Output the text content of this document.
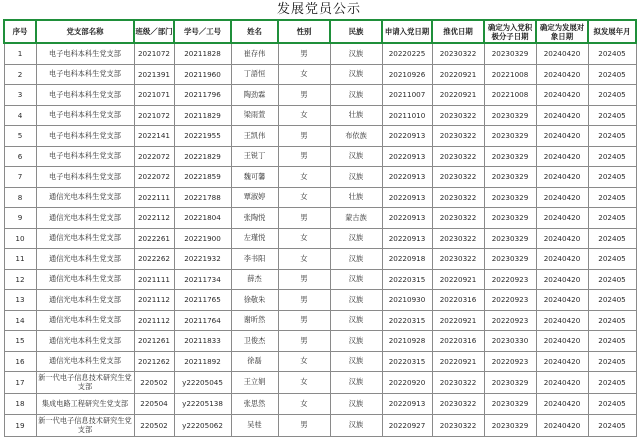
发展党员公示
序号	党支部名称	班级／部门	学号／工号	姓名	性别	民族	申请入党日期	推优日期	确定为入党积极分子日期	确定为发展对象日期	拟发展年月
1	电子电科本科生党支部	2021072	20211828	崔存伟	男	汉族	20220225	20230322	20230329	20240420	202405
2	电子电科本科生党支部	2021391	20211960	丁語恒	女	汉族	20210926	20220921	20221008	20240420	202405
3	电子电科本科生党支部	2021071	20211796	陶劲霖	男	汉族	20211007	20220921	20221008	20240420	202405
4	电子电科本科生党支部	2021072	20211829	梁雨萱	女	壮族	20211010	20230322	20230329	20240420	202405
5	电子电科本科生党支部	2022141	20221955	王凯伟	男	布依族	20220913	20230322	20230329	20240420	202405
6	电子电科本科生党支部	2022072	20221829	王锐丁	男	汉族	20220913	20230322	20230329	20240420	202405
7	电子电科本科生党支部	2022072	20221859	魏可馨	女	汉族	20220913	20230322	20230329	20240420	202405
8	通信光电本科生党支部	2022111	20221788	覃淑婷	女	壮族	20220913	20230322	20230329	20240420	202405
9	通信光电本科生党支部	2022112	20221804	张陶悦	男	蒙古族	20220913	20230322	20230329	20240420	202405
10	通信光电本科生党支部	2022261	20221900	左瑾悦	女	汉族	20220913	20230322	20230329	20240420	202405
11	通信光电本科生党支部	2022262	20221932	李书阳	女	汉族	20220918	20230322	20230329	20240420	202405
12	通信光电本科生党支部	2021111	20211734	薛杰	男	汉族	20220315	20220921	20220923	20240420	202405
13	通信光电本科生党支部	2021112	20211765	徐敬朱	男	汉族	20210930	20220316	20220923	20240420	202405
14	通信光电本科生党支部	2021112	20211764	谢昕然	男	汉族	20220315	20220921	20220923	20240420	202405
15	通信光电本科生党支部	2021261	20211833	卫俊杰	男	汉族	20210928	20220316	20230330	20240420	202405
16	通信光电本科生党支部	2021262	20211892	徐磊	女	汉族	20220315	20220921	20220923	20240420	202405
17	新一代电子信息技术研究生党支部	220502	y22205045	王立娟	女	汉族	20220920	20230322	20230329	20240420	202405
18	集成电路工程研究生党支部	220504	y22205138	张思然	女	汉族	20220913	20230322	20230329	20240420	202405
19	新一代电子信息技术研究生党支部	220502	y22205062	吴桂	男	汉族	20220927	20230322	20230329	20240420	202405
